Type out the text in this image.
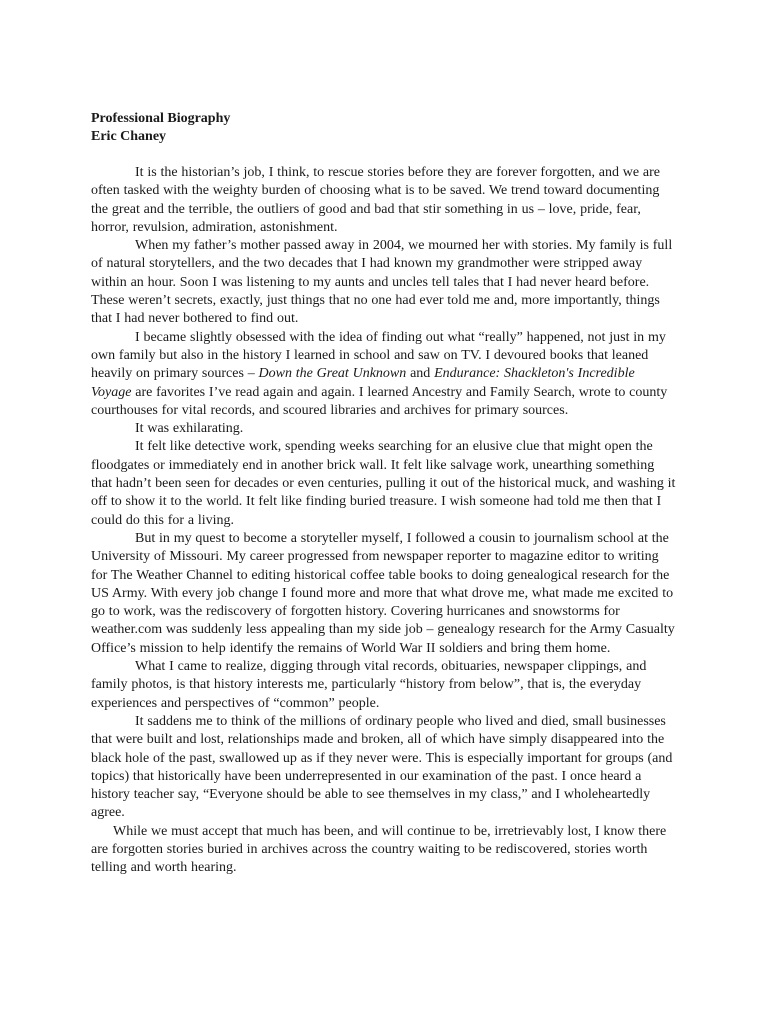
Professional Biography

Eric Chaney

It is the historian’s job, I think, to rescue stories before they are forever forgotten, and we are often tasked with the weighty burden of choosing what is to be saved. We trend toward documenting the great and the terrible, the outliers of good and bad that stir something in us – love, pride, fear, horror, revulsion, admiration, astonishment.

When my father’s mother passed away in 2004, we mourned her with stories. My family is full of natural storytellers, and the two decades that I had known my grandmother were stripped away within an hour. Soon I was listening to my aunts and uncles tell tales that I had never heard before. These weren’t secrets, exactly, just things that no one had ever told me and, more importantly, things that I had never bothered to find out.

I became slightly obsessed with the idea of finding out what “really” happened, not just in my own family but also in the history I learned in school and saw on TV. I devoured books that leaned heavily on primary sources – Down the Great Unknown and Endurance: Shackleton's Incredible Voyage are favorites I’ve read again and again. I learned Ancestry and Family Search, wrote to county courthouses for vital records, and scoured libraries and archives for primary sources.

It was exhilarating.

It felt like detective work, spending weeks searching for an elusive clue that might open the floodgates or immediately end in another brick wall. It felt like salvage work, unearthing something that hadn’t been seen for decades or even centuries, pulling it out of the historical muck, and washing it off to show it to the world. It felt like finding buried treasure. I wish someone had told me then that I could do this for a living.

But in my quest to become a storyteller myself, I followed a cousin to journalism school at the University of Missouri. My career progressed from newspaper reporter to magazine editor to writing for The Weather Channel to editing historical coffee table books to doing genealogical research for the US Army. With every job change I found more and more that what drove me, what made me excited to go to work, was the rediscovery of forgotten history. Covering hurricanes and snowstorms for weather.com was suddenly less appealing than my side job – genealogy research for the Army Casualty Office’s mission to help identify the remains of World War II soldiers and bring them home.

What I came to realize, digging through vital records, obituaries, newspaper clippings, and family photos, is that history interests me, particularly “history from below”, that is, the everyday experiences and perspectives of “common” people.

It saddens me to think of the millions of ordinary people who lived and died, small businesses that were built and lost, relationships made and broken, all of which have simply disappeared into the black hole of the past, swallowed up as if they never were. This is especially important for groups (and topics) that historically have been underrepresented in our examination of the past. I once heard a history teacher say, “Everyone should be able to see themselves in my class,” and I wholeheartedly agree.

While we must accept that much has been, and will continue to be, irretrievably lost, I know there are forgotten stories buried in archives across the country waiting to be rediscovered, stories worth telling and worth hearing.
